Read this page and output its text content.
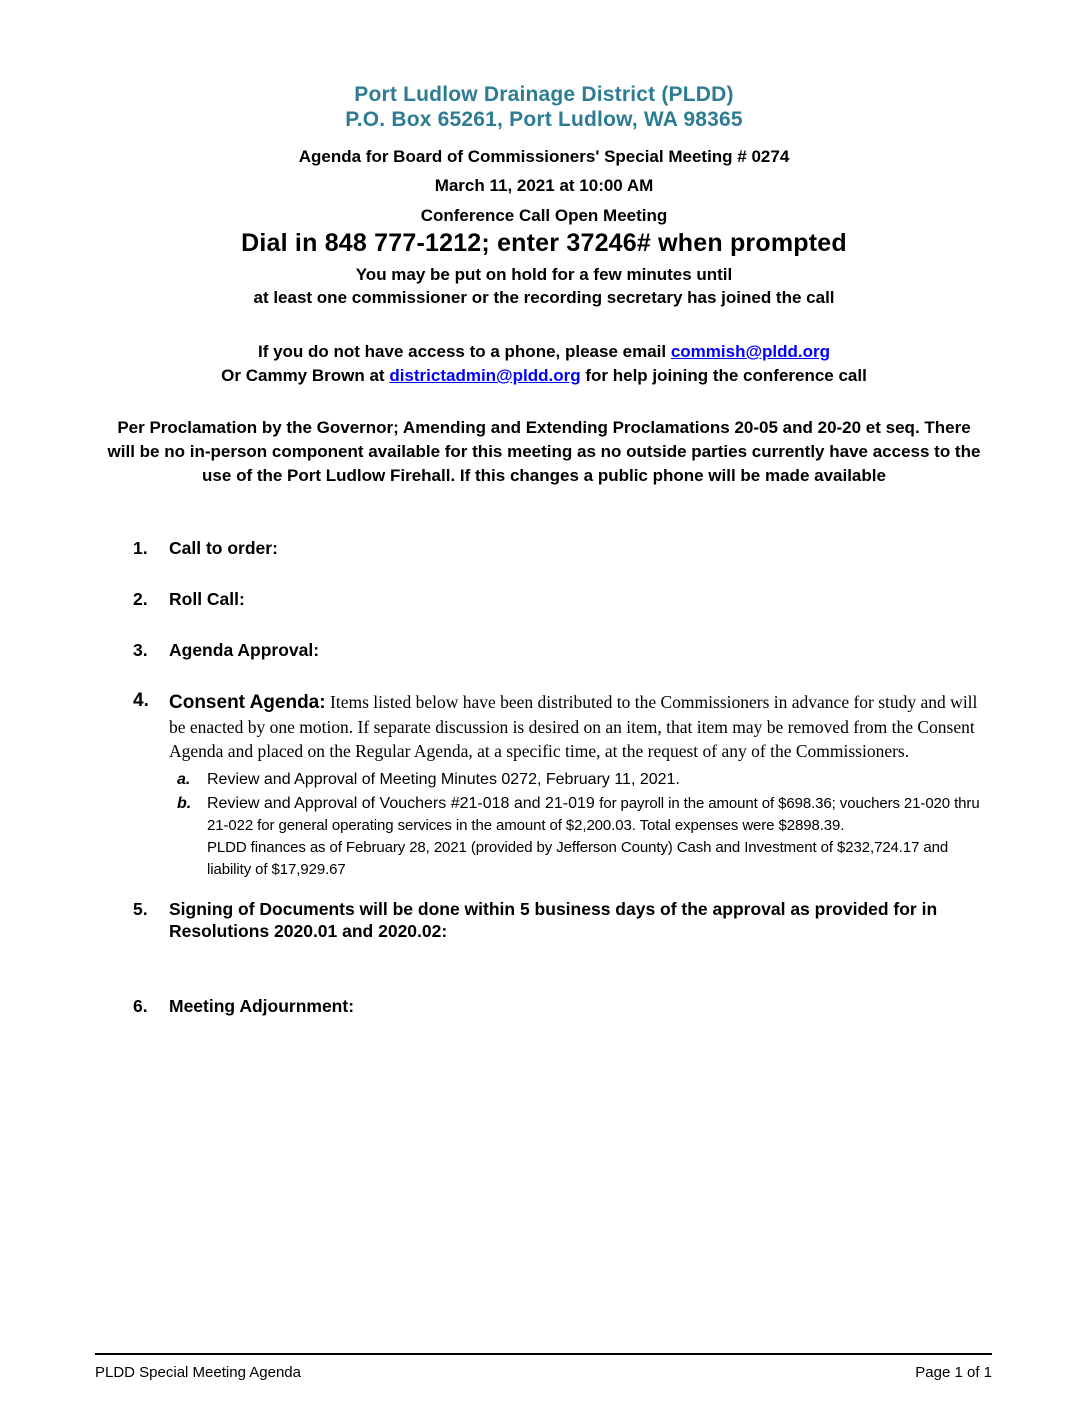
Port Ludlow Drainage District (PLDD)
P.O. Box 65261, Port Ludlow, WA 98365
Agenda for Board of Commissioners' Special Meeting # 0274
March 11, 2021 at 10:00 AM
Conference Call Open Meeting
Dial in 848 777-1212; enter 37246# when prompted
You may be put on hold for a few minutes until
at least one commissioner or the recording secretary has joined the call
If you do not have access to a phone, please email commish@pldd.org
Or Cammy Brown at districtadmin@pldd.org for help joining the conference call
Per Proclamation by the Governor; Amending and Extending Proclamations 20-05 and 20-20 et seq. There will be no in-person component available for this meeting as no outside parties currently have access to the use of the Port Ludlow Firehall. If this changes a public phone will be made available
1.	Call to order:
2.	Roll Call:
3.	Agenda Approval:
4.	Consent Agenda: Items listed below have been distributed to the Commissioners in advance for study and will be enacted by one motion. If separate discussion is desired on an item, that item may be removed from the Consent Agenda and placed on the Regular Agenda, at a specific time, at the request of any of the Commissioners.
a.	Review and Approval of Meeting Minutes 0272, February 11, 2021.
b. Review and Approval of Vouchers #21-018 and 21-019 for payroll in the amount of $698.36; vouchers 21-020 thru 21-022 for general operating services in the amount of $2,200.03. Total expenses were $2898.39.
PLDD finances as of February 28, 2021 (provided by Jefferson County) Cash and Investment of $232,724.17 and liability of $17,929.67
5.	Signing of Documents will be done within 5 business days of the approval as provided for in Resolutions 2020.01 and 2020.02:
6.	Meeting Adjournment:
PLDD Special Meeting Agenda	Page 1 of 1
